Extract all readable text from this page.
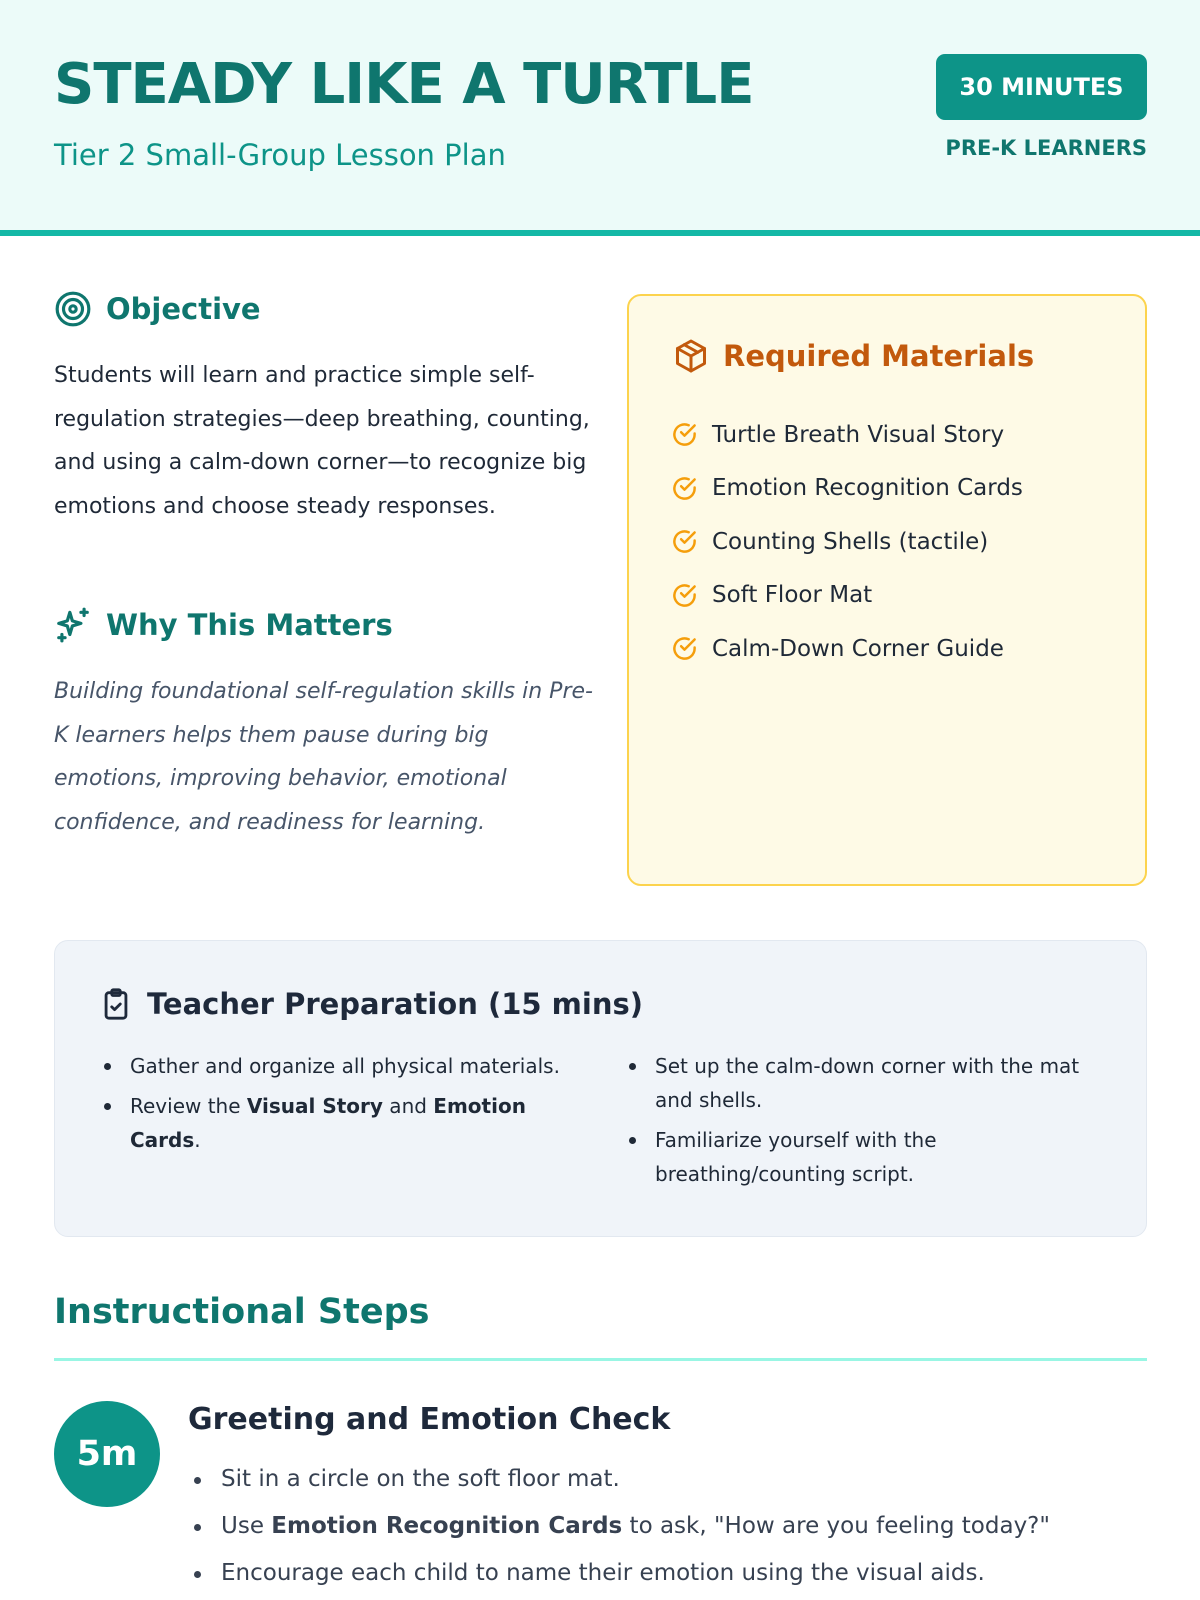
STEADY LIKE A TURTLE
Tier 2 Small-Group Lesson Plan
30 MINUTES
PRE-K LEARNERS
Objective
Students will learn and practice simple self-regulation strategies—deep breathing, counting, and using a calm-down corner—to recognize big emotions and choose steady responses.
Why This Matters
Building foundational self-regulation skills in Pre-K learners helps them pause during big emotions, improving behavior, emotional confidence, and readiness for learning.
Required Materials
Turtle Breath Visual Story
Emotion Recognition Cards
Counting Shells (tactile)
Soft Floor Mat
Calm-Down Corner Guide
Teacher Preparation (15 mins)
Gather and organize all physical materials.
Review the Visual Story and Emotion Cards.
Set up the calm-down corner with the mat and shells.
Familiarize yourself with the breathing/counting script.
Instructional Steps
5m
Greeting and Emotion Check
Sit in a circle on the soft floor mat.
Use Emotion Recognition Cards to ask, "How are you feeling today?"
Encourage each child to name their emotion using the visual aids.
